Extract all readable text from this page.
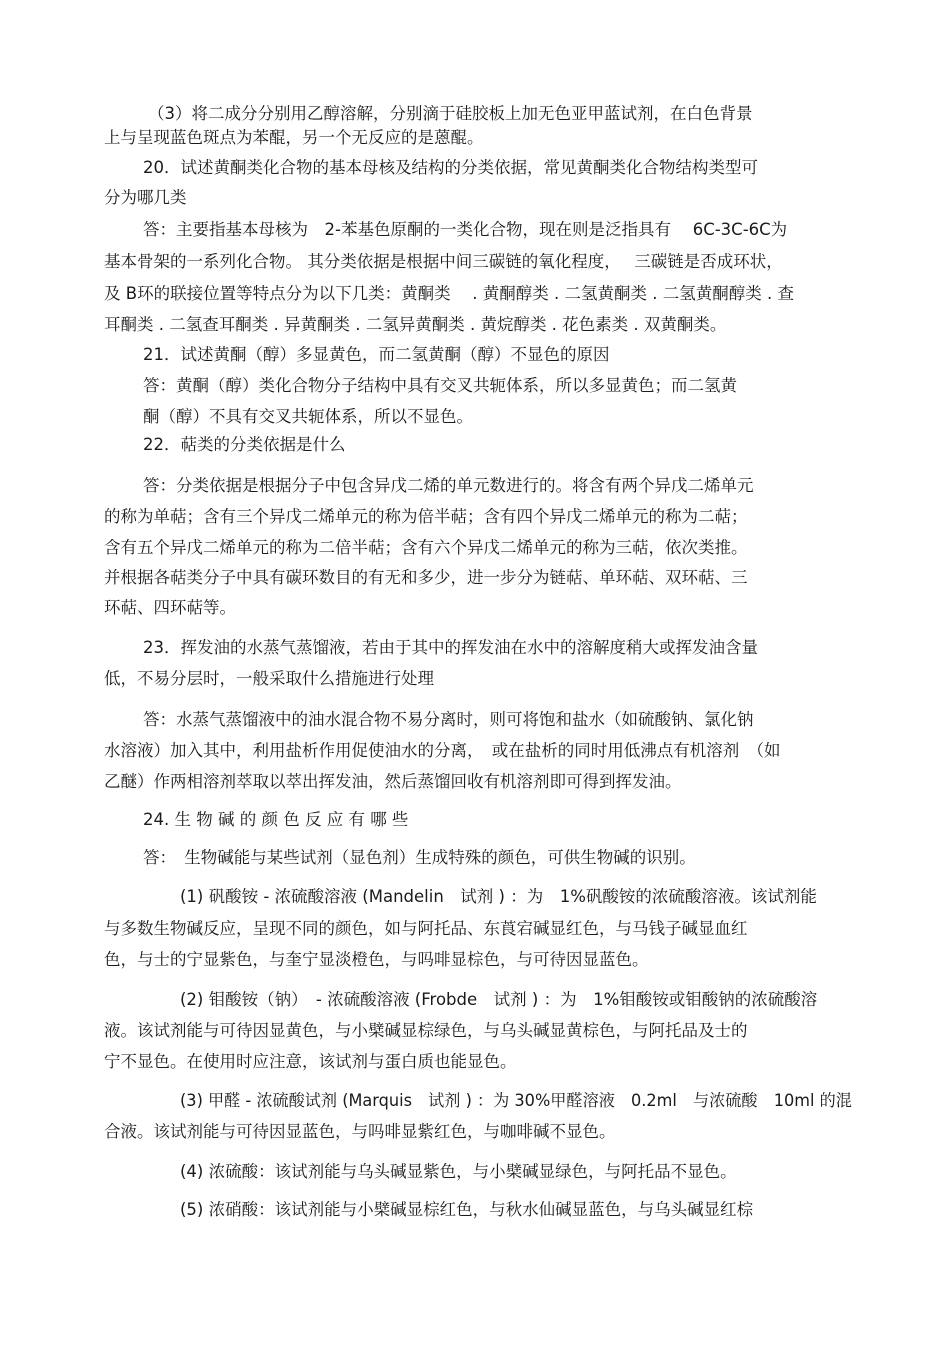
（3）将二成分分别用乙醇溶解，分别滴于硅胶板上加无色亚甲蓝试剂，在白色背景

上与呈现蓝色斑点为苯醌，另一个无反应的是蒽醌。

20．试述黄酮类化合物的基本母核及结构的分类依据，常见黄酮类化合物结构类型可

分为哪几类

答：主要指基本母核为　2-苯基色原酮的一类化合物，现在则是泛指具有　 6C-3C-6C为

基本骨架的一系列化合物。 其分类依据是根据中间三碳链的氧化程度，　 三碳链是否成环状，

及 B环的联接位置等特点分为以下几类：黄酮类　 . 黄酮醇类 . 二氢黄酮类 . 二氢黄酮醇类 . 查

耳酮类 . 二氢查耳酮类 . 异黄酮类 . 二氢异黄酮类 . 黄烷醇类 . 花色素类 . 双黄酮类。

21．试述黄酮（醇）多显黄色，而二氢黄酮（醇）不显色的原因

答：黄酮（醇）类化合物分子结构中具有交叉共轭体系，所以多显黄色；而二氢黄

酮（醇）不具有交叉共轭体系，所以不显色。

22．萜类的分类依据是什么

答：分类依据是根据分子中包含异戊二烯的单元数进行的。将含有两个异戊二烯单元

的称为单萜；含有三个异戊二烯单元的称为倍半萜；含有四个异戊二烯单元的称为二萜；

含有五个异戊二烯单元的称为二倍半萜；含有六个异戊二烯单元的称为三萜，依次类推。

并根据各萜类分子中具有碳环数目的有无和多少，进一步分为链萜、单环萜、双环萜、三

环萜、四环萜等。

23．挥发油的水蒸气蒸馏液，若由于其中的挥发油在水中的溶解度稍大或挥发油含量

低，不易分层时，一般采取什么措施进行处理

答：水蒸气蒸馏液中的油水混合物不易分离时，则可将饱和盐水（如硫酸钠、氯化钠

水溶液）加入其中，利用盐析作用促使油水的分离，　或在盐析的同时用低沸点有机溶剂　（如

乙醚）作两相溶剂萃取以萃出挥发油，然后蒸馏回收有机溶剂即可得到挥发油。

24. 生 物 碱 的 颜 色 反 应 有 哪 些

答：　生物碱能与某些试剂（显色剂）生成特殊的颜色，可供生物碱的识别。

(1) 矾酸铵 - 浓硫酸溶液 (Mandelin　试剂 ) ：为　1%矾酸铵的浓硫酸溶液。该试剂能

与多数生物碱反应，呈现不同的颜色，如与阿托品、东莨宕碱显红色，与马钱子碱显血红

色，与士的宁显紫色，与奎宁显淡橙色，与吗啡显棕色，与可待因显蓝色。

(2) 钼酸铵（钠）　- 浓硫酸溶液 (Frobde　试剂 ) ：为　1%钼酸铵或钼酸钠的浓硫酸溶

液。该试剂能与可待因显黄色，与小檗碱显棕绿色，与乌头碱显黄棕色，与阿托品及士的

宁不显色。在使用时应注意，该试剂与蛋白质也能显色。

(3) 甲醛 - 浓硫酸试剂 (Marquis　试剂 ) ：为 30%甲醛溶液　0.2ml　与浓硫酸　10ml 的混

合液。该试剂能与可待因显蓝色，与吗啡显紫红色，与咖啡碱不显色。

(4) 浓硫酸：该试剂能与乌头碱显紫色，与小檗碱显绿色，与阿托品不显色。

(5) 浓硝酸：该试剂能与小檗碱显棕红色，与秋水仙碱显蓝色，与乌头碱显红棕
